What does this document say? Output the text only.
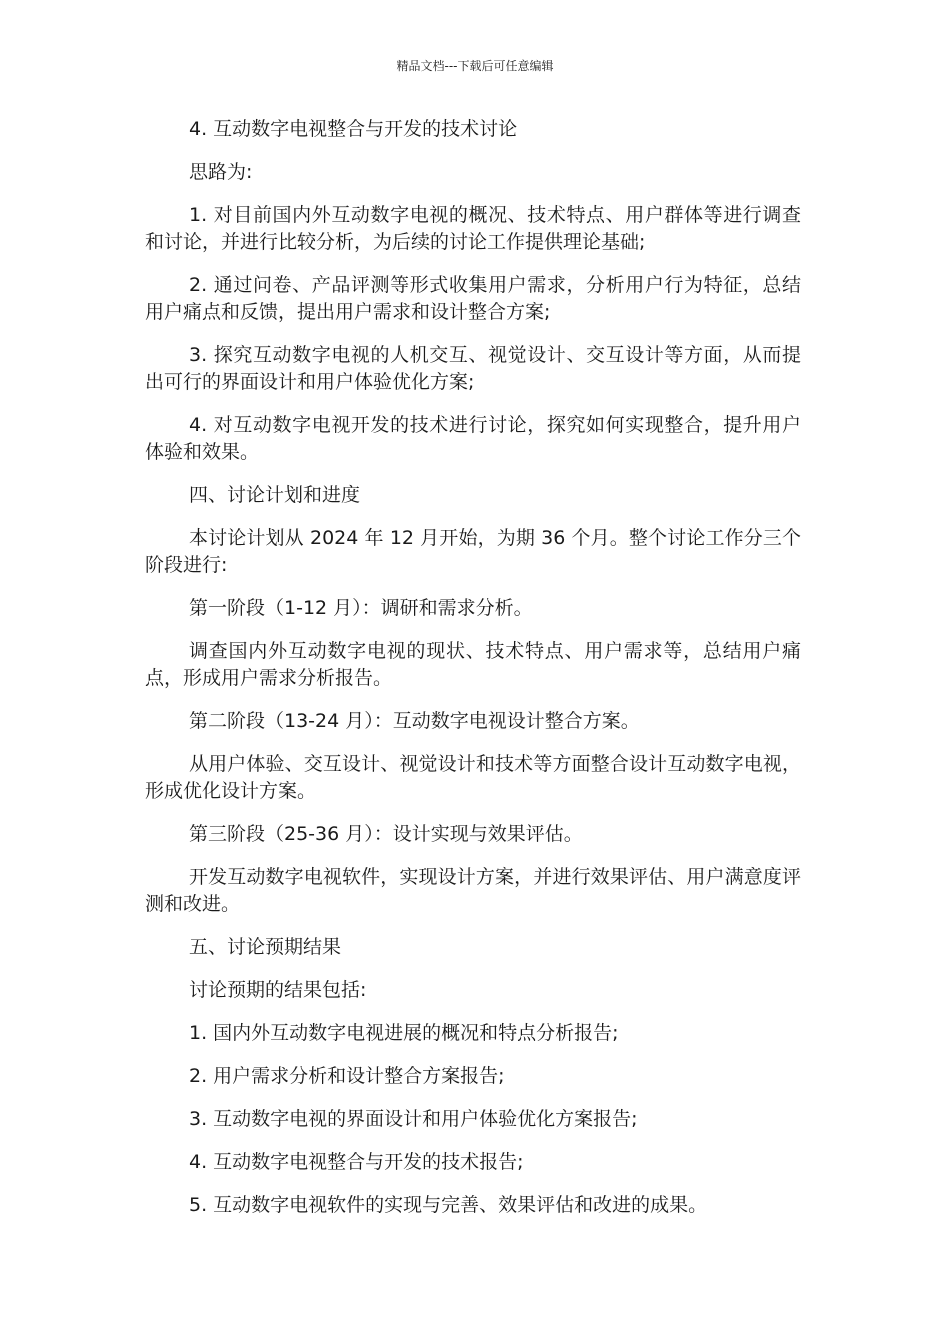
精品文档---下载后可任意编辑

4. 互动数字电视整合与开发的技术讨论

思路为:

1. 对目前国内外互动数字电视的概况、技术特点、用户群体等进行调查和讨论，并进行比较分析，为后续的讨论工作提供理论基础;

2. 通过问卷、产品评测等形式收集用户需求，分析用户行为特征，总结用户痛点和反馈，提出用户需求和设计整合方案;

3. 探究互动数字电视的人机交互、视觉设计、交互设计等方面，从而提出可行的界面设计和用户体验优化方案;

4. 对互动数字电视开发的技术进行讨论，探究如何实现整合，提升用户体验和效果。

四、讨论计划和进度

本讨论计划从 2024 年 12 月开始，为期 36 个月。整个讨论工作分三个阶段进行:

第一阶段（1-12 月）：调研和需求分析。

调查国内外互动数字电视的现状、技术特点、用户需求等，总结用户痛点，形成用户需求分析报告。

第二阶段（13-24 月）：互动数字电视设计整合方案。

从用户体验、交互设计、视觉设计和技术等方面整合设计互动数字电视，形成优化设计方案。

第三阶段（25-36 月）：设计实现与效果评估。

开发互动数字电视软件，实现设计方案，并进行效果评估、用户满意度评测和改进。

五、讨论预期结果

讨论预期的结果包括:

1. 国内外互动数字电视进展的概况和特点分析报告;

2. 用户需求分析和设计整合方案报告;

3. 互动数字电视的界面设计和用户体验优化方案报告;

4. 互动数字电视整合与开发的技术报告;

5. 互动数字电视软件的实现与完善、效果评估和改进的成果。
